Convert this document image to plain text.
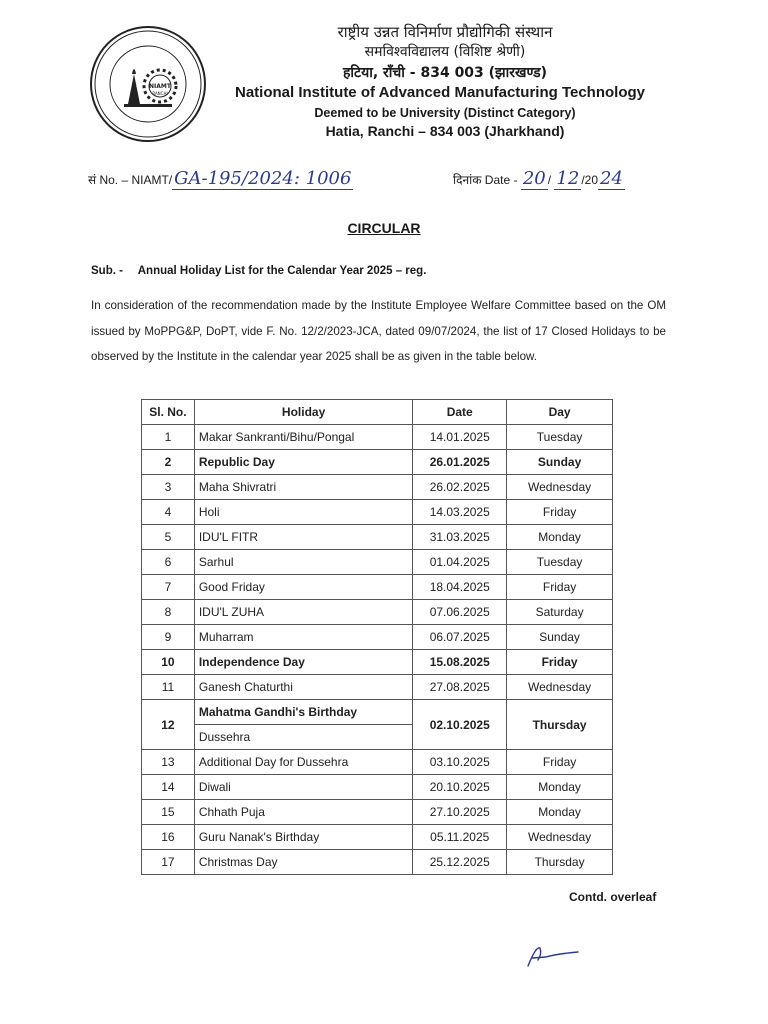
NIAMT
RANCHI
राष्ट्रीय उन्नत विनिर्माण प्रौद्योगिकी संस्थान
समविश्वविद्यालय (विशिष्ट श्रेणी)
हटिया, राँची - 834 003 (झारखण्ड)
National Institute of Advanced Manufacturing Technology
Deemed to be University (Distinct Category)
Hatia, Ranchi – 834 003 (Jharkhand)
सं No. – NIAMT/ GA-195/2024: 1006	दिनांक Date - 20 / 12 /20 24
CIRCULAR
Sub. - Annual Holiday List for the Calendar Year 2025 – reg.
In consideration of the recommendation made by the Institute Employee Welfare Committee based on the OM issued by MoPPG&P, DoPT, vide F. No. 12/2/2023-JCA, dated 09/07/2024, the list of 17 Closed Holidays to be observed by the Institute in the calendar year 2025 shall be as given in the table below.
Sl. No.	Holiday	Date	Day
1	Makar Sankranti/Bihu/Pongal	14.01.2025	Tuesday
2	Republic Day	26.01.2025	Sunday
3	Maha Shivratri	26.02.2025	Wednesday
4	Holi	14.03.2025	Friday
5	IDU'L FITR	31.03.2025	Monday
6	Sarhul	01.04.2025	Tuesday
7	Good Friday	18.04.2025	Friday
8	IDU'L ZUHA	07.06.2025	Saturday
9	Muharram	06.07.2025	Sunday
10	Independence Day	15.08.2025	Friday
11	Ganesh Chaturthi	27.08.2025	Wednesday
12	Mahatma Gandhi's Birthday	02.10.2025	Thursday
	Dussehra		
13	Additional Day for Dussehra	03.10.2025	Friday
14	Diwali	20.10.2025	Monday
15	Chhath Puja	27.10.2025	Monday
16	Guru Nanak's Birthday	05.11.2025	Wednesday
17	Christmas Day	25.12.2025	Thursday
Contd. overleaf
